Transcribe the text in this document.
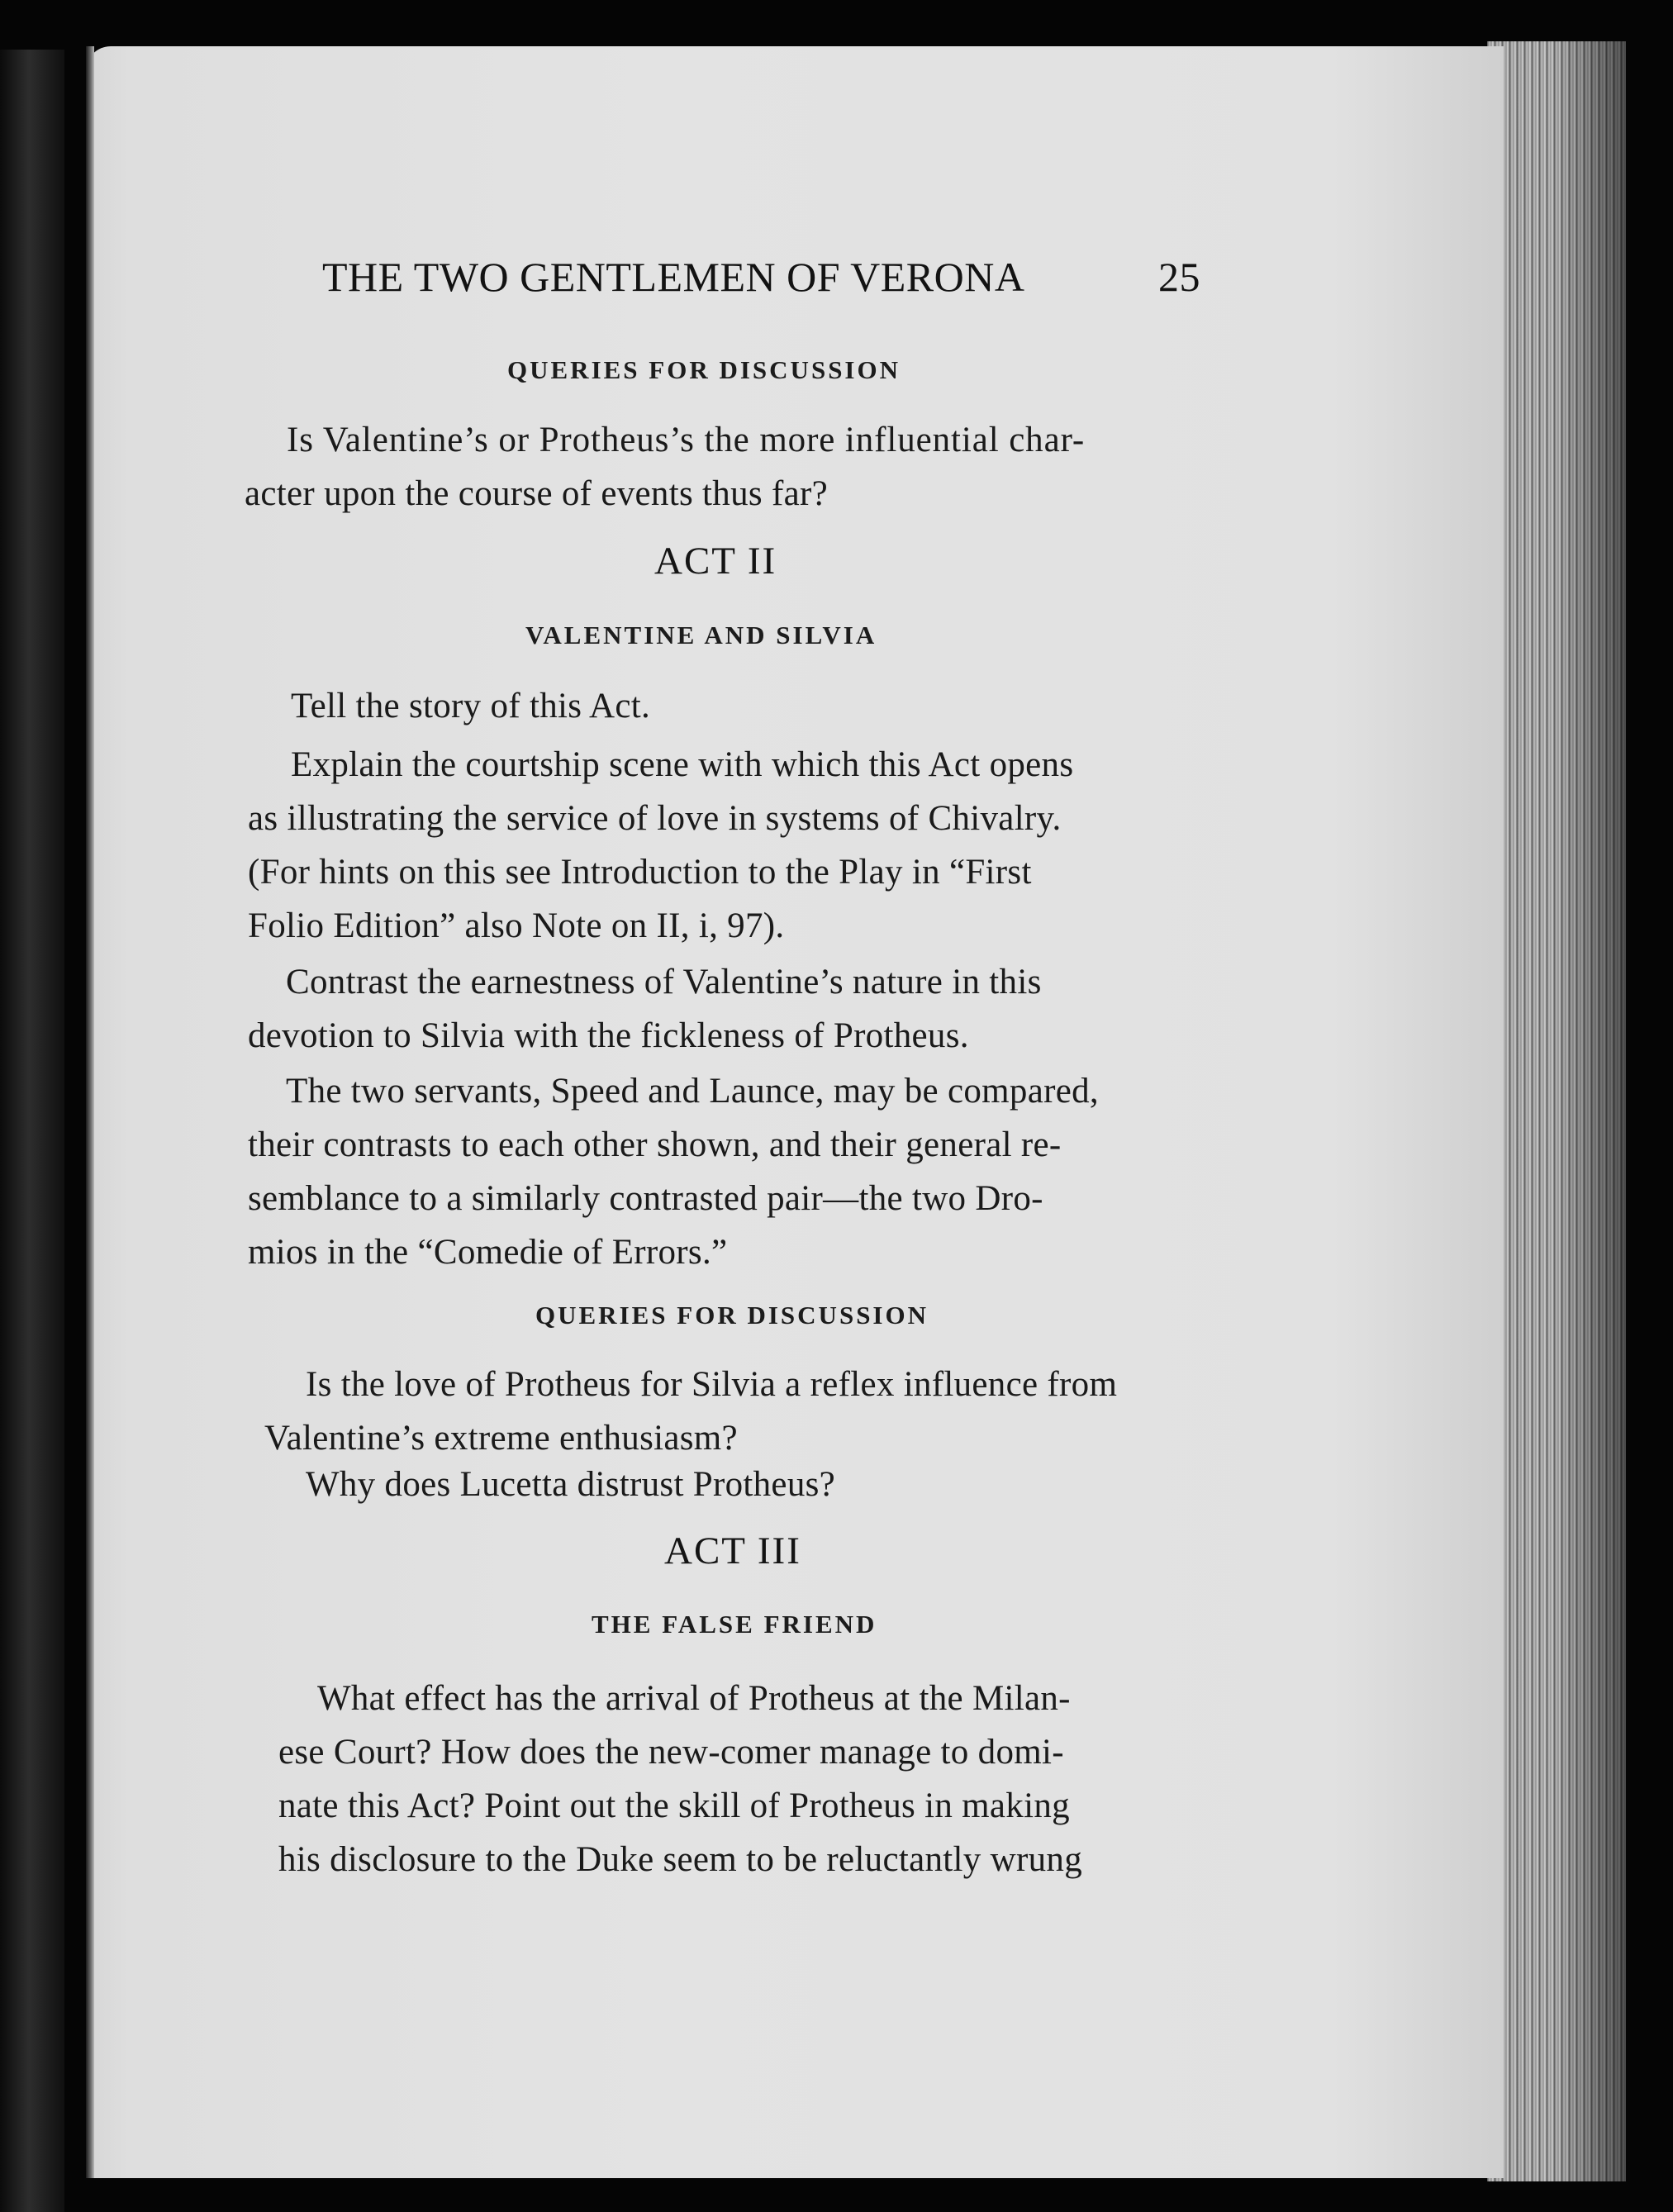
THE TWO GENTLEMEN OF VERONA	25
QUERIES FOR DISCUSSION
Is Valentine’s or Protheus’s the more influential char-
acter upon the course of events thus far?
ACT II
VALENTINE AND SILVIA
Tell the story of this Act.
Explain the courtship scene with which this Act opens
as illustrating the service of love in systems of Chivalry.
(For hints on this see Introduction to the Play in “First
Folio Edition” also Note on II, i, 97).
Contrast the earnestness of Valentine’s nature in this
devotion to Silvia with the fickleness of Protheus.
The two servants, Speed and Launce, may be compared,
their contrasts to each other shown, and their general re-
semblance to a similarly contrasted pair—the two Dro-
mios in the “Comedie of Errors.”
QUERIES FOR DISCUSSION
Is the love of Protheus for Silvia a reflex influence from
Valentine’s extreme enthusiasm?
Why does Lucetta distrust Protheus?
ACT III
THE FALSE FRIEND
What effect has the arrival of Protheus at the Milan-
ese Court? How does the new-comer manage to domi-
nate this Act? Point out the skill of Protheus in making
his disclosure to the Duke seem to be reluctantly wrung
